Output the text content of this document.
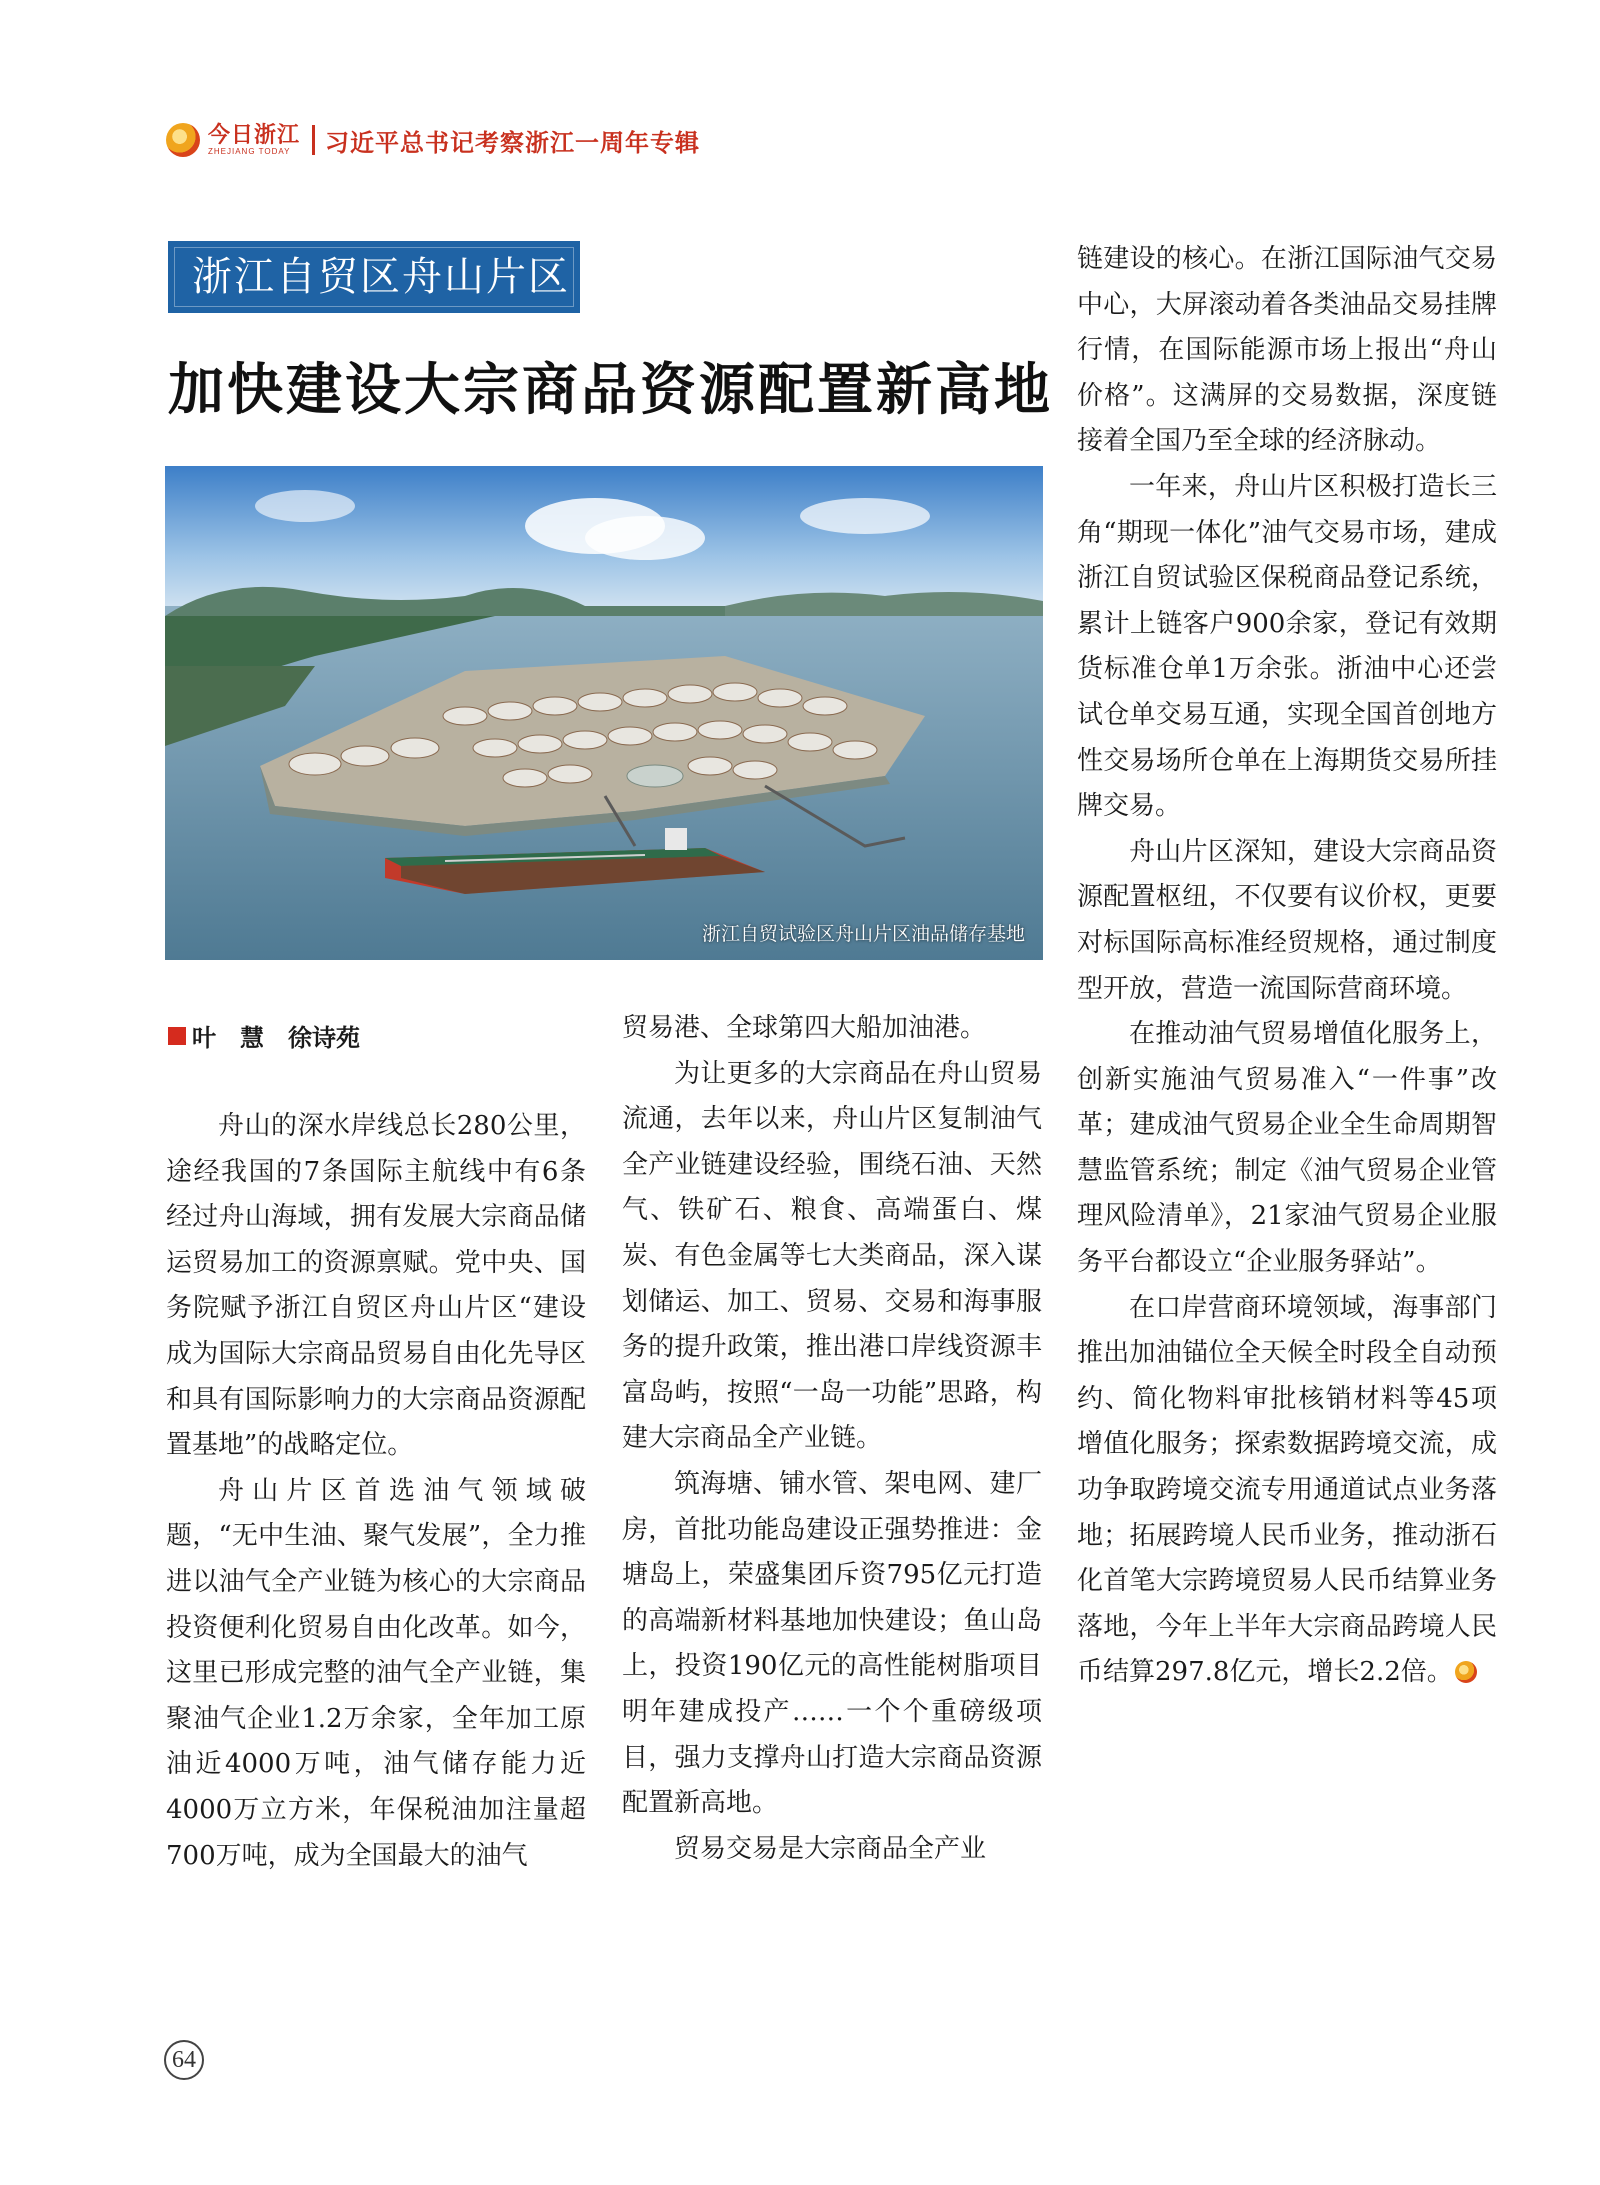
今日浙江
ZHEJIANG TODAY	习近平总书记考察浙江一周年专辑
浙江自贸区舟山片区
加快建设大宗商品资源配置新高地
浙江自贸试验区舟山片区油品储存基地
叶　慧　徐诗苑

舟山的深水岸线总长280公里，途经我国的7条国际主航线中有6条经过舟山海域，拥有发展大宗商品储运贸易加工的资源禀赋。党中央、国务院赋予浙江自贸区舟山片区“建设成为国际大宗商品贸易自由化先导区和具有国际影响力的大宗商品资源配置基地”的战略定位。

舟山片区首选油气领域破题，“无中生油、聚气发展”，全力推进以油气全产业链为核心的大宗商品投资便利化贸易自由化改革。如今，这里已形成完整的油气全产业链，集聚油气企业1.2万余家，全年加工原油近4000万吨，油气储存能力近4000万立方米，年保税油加注量超700万吨，成为全国最大的油气

贸易港、全球第四大船加油港。

为让更多的大宗商品在舟山贸易流通，去年以来，舟山片区复制油气全产业链建设经验，围绕石油、天然气、铁矿石、粮食、高端蛋白、煤炭、有色金属等七大类商品，深入谋划储运、加工、贸易、交易和海事服务的提升政策，推出港口岸线资源丰富岛屿，按照“一岛一功能”思路，构建大宗商品全产业链。

筑海塘、铺水管、架电网、建厂房，首批功能岛建设正强势推进：金塘岛上，荣盛集团斥资795亿元打造的高端新材料基地加快建设；鱼山岛上，投资190亿元的高性能树脂项目明年建成投产……一个个重磅级项目，强力支撑舟山打造大宗商品资源配置新高地。

贸易交易是大宗商品全产业

链建设的核心。在浙江国际油气交易中心，大屏滚动着各类油品交易挂牌行情，在国际能源市场上报出“舟山价格”。这满屏的交易数据，深度链接着全国乃至全球的经济脉动。

一年来，舟山片区积极打造长三角“期现一体化”油气交易市场，建成浙江自贸试验区保税商品登记系统，累计上链客户900余家，登记有效期货标准仓单1万余张。浙油中心还尝试仓单交易互通，实现全国首创地方性交易场所仓单在上海期货交易所挂牌交易。

舟山片区深知，建设大宗商品资源配置枢纽，不仅要有议价权，更要对标国际高标准经贸规格，通过制度型开放，营造一流国际营商环境。

在推动油气贸易增值化服务上，创新实施油气贸易准入“一件事”改革；建成油气贸易企业全生命周期智慧监管系统；制定《油气贸易企业管理风险清单》，21家油气贸易企业服务平台都设立“企业服务驿站”。

在口岸营商环境领域，海事部门推出加油锚位全天候全时段全自动预约、简化物料审批核销材料等45项增值化服务；探索数据跨境交流，成功争取跨境交流专用通道试点业务落地；拓展跨境人民币业务，推动浙石化首笔大宗跨境贸易人民币结算业务落地，今年上半年大宗商品跨境人民币结算297.8亿元，增长2.2倍。

64
